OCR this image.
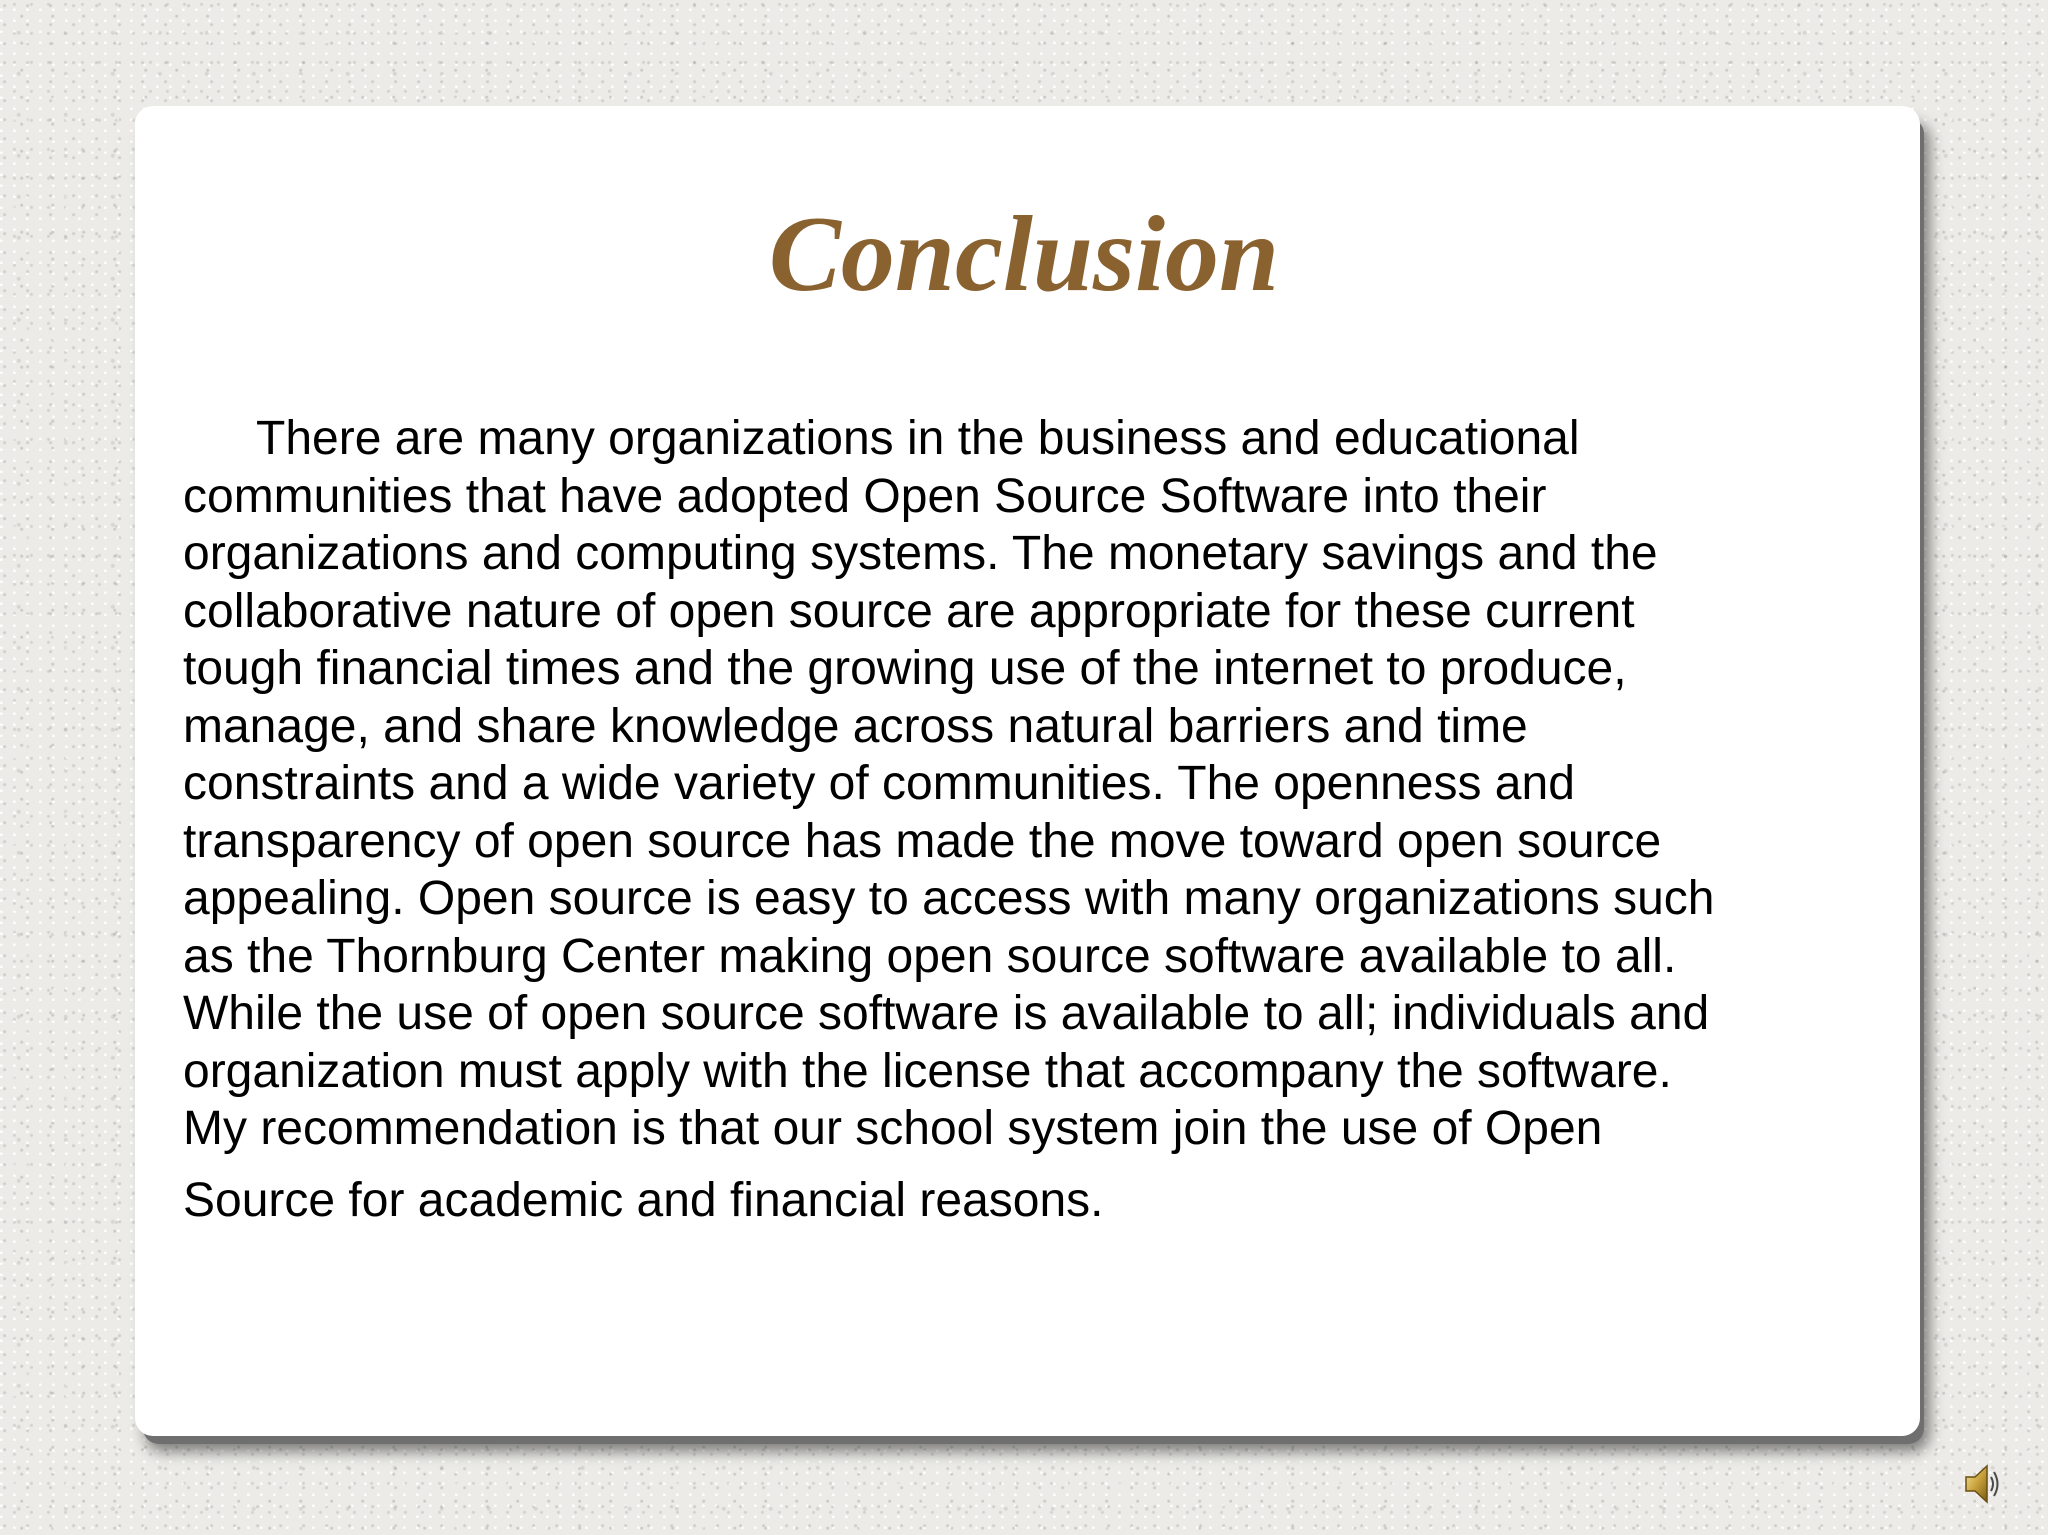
Conclusion

There are many organizations in the business and educational
communities that have adopted Open Source Software into their
organizations and computing systems. The monetary savings and the
collaborative nature of open source are appropriate for these current
tough financial times and the growing use of the internet to produce,
manage, and share knowledge across natural barriers and time
constraints and a wide variety of communities. The openness and
transparency of open source has made the move toward open source
appealing. Open source is easy to access with many organizations such
as the Thornburg Center making open source software available to all.
While the use of open source software is available to all; individuals and
organization must apply with the license that accompany the software.
My recommendation is that our school system join the use of Open
Source for academic and financial reasons.
